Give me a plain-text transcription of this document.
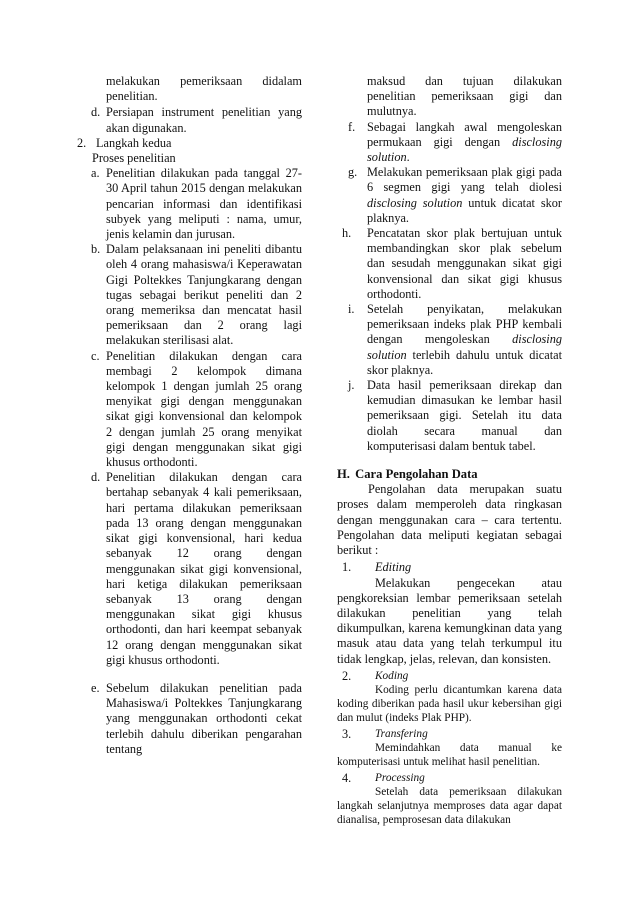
melakukan pemeriksaan didalam penelitian.

d. Persiapan instrument penelitian yang akan digunakan.

2. Langkah kedua

Proses penelitian

a. Penelitian dilakukan pada tanggal 27-30 April tahun 2015 dengan melakukan pencarian informasi dan identifikasi subyek yang meliputi : nama, umur, jenis kelamin dan jurusan.

b. Dalam pelaksanaan ini peneliti dibantu oleh 4 orang mahasiswa/i Keperawatan Gigi Poltekkes Tanjungkarang dengan tugas sebagai berikut peneliti dan 2 orang memeriksa dan mencatat hasil pemeriksaan dan 2 orang lagi melakukan sterilisasi alat.

c. Penelitian dilakukan dengan cara membagi 2 kelompok dimana kelompok 1 dengan jumlah 25 orang menyikat gigi dengan menggunakan sikat gigi konvensional dan kelompok 2 dengan jumlah 25 orang menyikat gigi dengan menggunakan sikat gigi khusus orthodonti.

d. Penelitian dilakukan dengan cara bertahap sebanyak 4 kali pemeriksaan, hari pertama dilakukan pemeriksaan pada 13 orang dengan menggunakan sikat gigi konvensional, hari kedua sebanyak 12 orang dengan menggunakan sikat gigi konvensional, hari ketiga dilakukan pemeriksaan sebanyak 13 orang dengan menggunakan sikat gigi khusus orthodonti, dan hari keempat sebanyak 12 orang dengan menggunakan sikat gigi khusus orthodonti.

e. Sebelum dilakukan penelitian pada Mahasiswa/i Poltekkes Tanjungkarang yang menggunakan orthodonti cekat terlebih dahulu diberikan pengarahan tentang

maksud dan tujuan dilakukan penelitian pemeriksaan gigi dan mulutnya.

f. Sebagai langkah awal mengoleskan permukaan gigi dengan disclosing solution.

g. Melakukan pemeriksaan plak gigi pada 6 segmen gigi yang telah diolesi disclosing solution untuk dicatat skor plaknya.

h. Pencatatan skor plak bertujuan untuk membandingkan skor plak sebelum dan sesudah menggunakan sikat gigi konvensional dan sikat gigi khusus orthodonti.

i. Setelah penyikatan, melakukan pemeriksaan indeks plak PHP kembali dengan mengoleskan disclosing solution terlebih dahulu untuk dicatat skor plaknya.

j. Data hasil pemeriksaan direkap dan kemudian dimasukan ke lembar hasil pemeriksaan gigi. Setelah itu data diolah secara manual dan komputerisasi dalam bentuk tabel.

H. Cara Pengolahan Data

Pengolahan data merupakan suatu proses dalam memperoleh data ringkasan dengan menggunakan cara – cara tertentu. Pengolahan data meliputi kegiatan sebagai berikut :

1. Editing

Melakukan pengecekan atau pengkoreksian lembar pemeriksaan setelah dilakukan penelitian yang telah dikumpulkan, karena kemungkinan data yang masuk atau data yang telah terkumpul itu tidak lengkap, jelas, relevan, dan konsisten.

2. Koding

Koding perlu dicantumkan karena data koding diberikan pada hasil ukur kebersihan gigi dan mulut (indeks Plak PHP).

3. Transfering

Memindahkan data manual ke komputerisasi untuk melihat hasil penelitian.

4. Processing

Setelah data pemeriksaan dilakukan langkah selanjutnya memproses data agar dapat dianalisa, pemprosesan data dilakukan
